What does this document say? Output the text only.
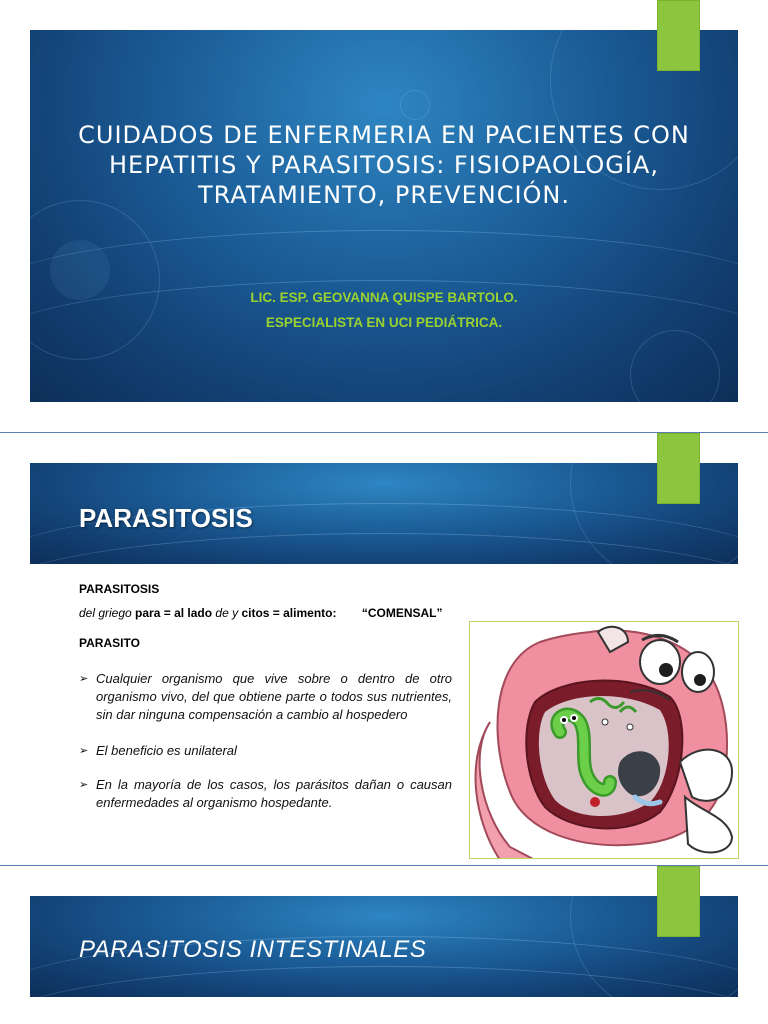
CUIDADOS DE ENFERMERIA EN PACIENTES CON
HEPATITIS Y PARASITOSIS: FISIOPAOLOGÍA,
TRATAMIENTO, PREVENCIÓN.
LIC. ESP. GEOVANNA QUISPE BARTOLO.
ESPECIALISTA EN UCI PEDIÁTRICA.
PARASITOSIS
PARASITOSIS
del griego para = al lado de y citos = alimento: “COMENSAL”
PARASITO
➢ Cualquier organismo que vive sobre o dentro de otro organismo vivo, del que obtiene parte o todos sus nutrientes, sin dar ninguna compensación a cambio al hospedero
➢ El beneficio es unilateral
➢ En la mayoría de los casos, los parásitos dañan o causan enfermedades al organismo hospedante.
PARASITOSIS INTESTINALES
